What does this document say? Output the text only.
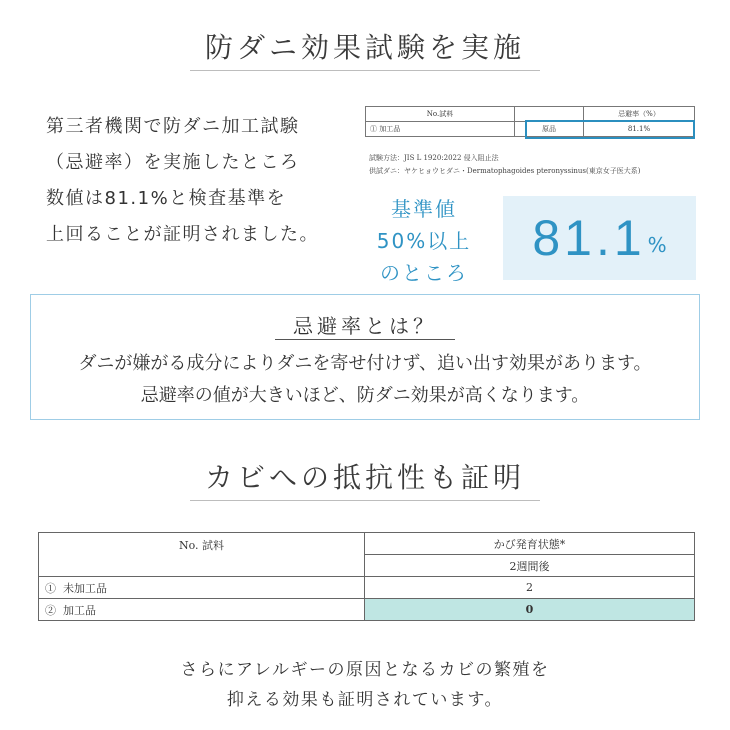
防ダニ効果試験を実施
第三者機関で防ダニ加工試験
（忌避率）を実施したところ
数値は81.1%と検査基準を
上回ることが証明されました。
No.試料		忌避率（%）
① 加工品	原品	81.1%
試験方法：JIS L 1920:2022 侵入阻止法
供試ダニ：ヤケヒョウヒダニ・Dermatophagoides pteronyssinus(東京女子医大系)
基準値
50%以上
のところ
81.1 %
忌避率とは？
ダニが嫌がる成分によりダニを寄せ付けず、追い出す効果があります。
忌避率の値が大きいほど、防ダニ効果が高くなります。
カビへの抵抗性も証明
No. 試料	かび発育状態*
	2週間後
① 未加工品	2
② 加工品	0
さらにアレルギーの原因となるカビの繁殖を
抑える効果も証明されています。
